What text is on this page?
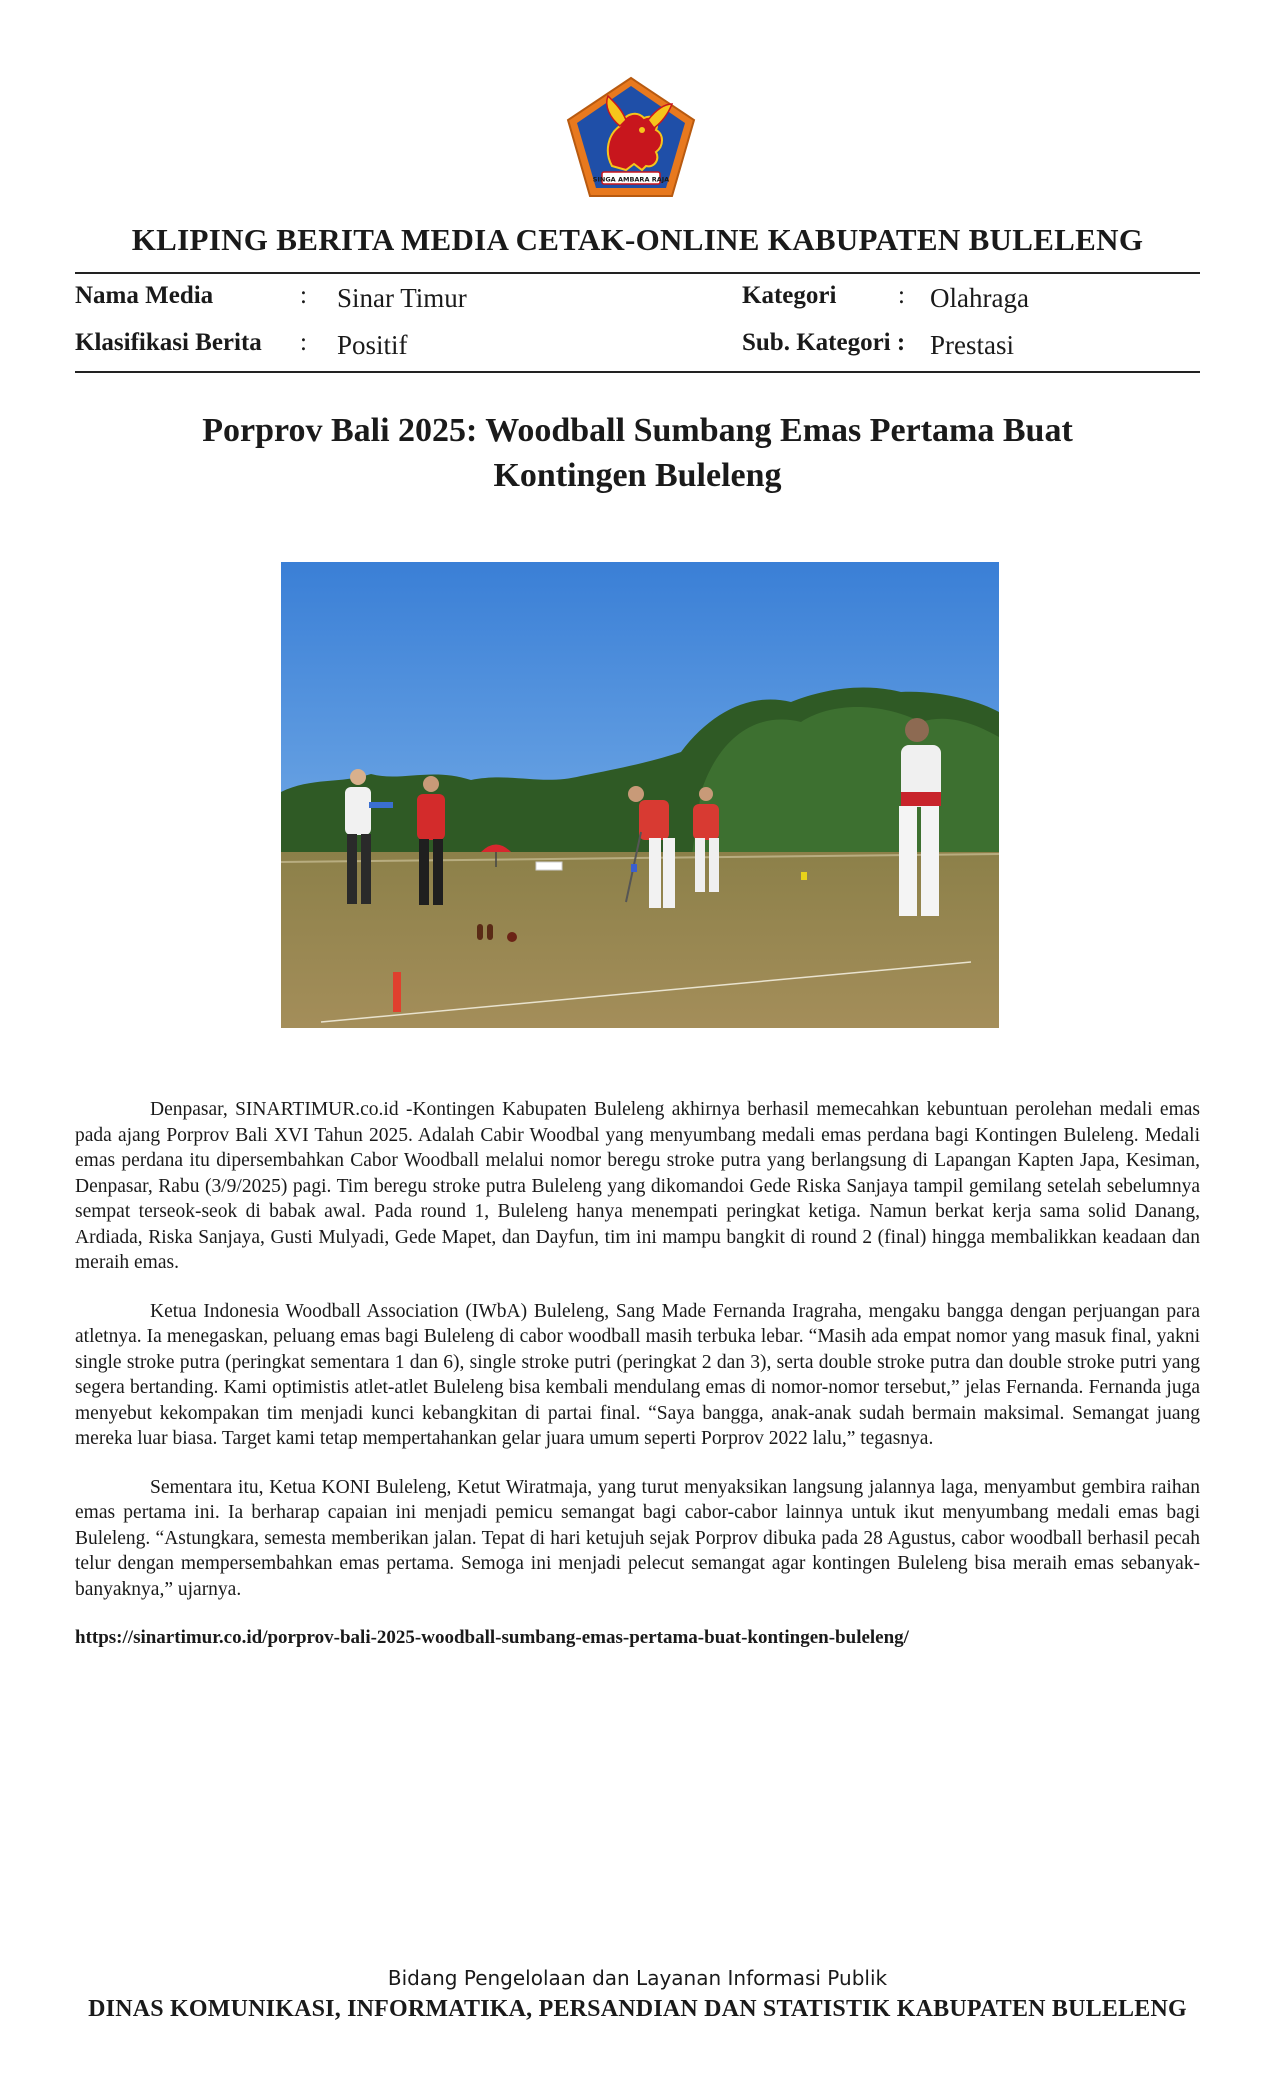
SINGA AMBARA RAJA
KLIPING BERITA MEDIA CETAK-ONLINE KABUPATEN BULELENG
Nama Media	: Sinar Timur	Kategori : Olahraga
Klasifikasi Berita : Positif	Sub. Kategori : Prestasi
Porprov Bali 2025: Woodball Sumbang Emas Pertama Buat
Kontingen Buleleng

Denpasar, SINARTIMUR.co.id -Kontingen Kabupaten Buleleng akhirnya berhasil memecahkan kebuntuan perolehan medali emas pada ajang Porprov Bali XVI Tahun 2025. Adalah Cabir Woodbal yang menyumbang medali emas perdana bagi Kontingen Buleleng. Medali emas perdana itu dipersembahkan Cabor Woodball melalui nomor beregu stroke putra yang berlangsung di Lapangan Kapten Japa, Kesiman, Denpasar, Rabu (3/9/2025) pagi. Tim beregu stroke putra Buleleng yang dikomandoi Gede Riska Sanjaya tampil gemilang setelah sebelumnya sempat terseok-seok di babak awal. Pada round 1, Buleleng hanya menempati peringkat ketiga. Namun berkat kerja sama solid Danang, Ardiada, Riska Sanjaya, Gusti Mulyadi, Gede Mapet, dan Dayfun, tim ini mampu bangkit di round 2 (final) hingga membalikkan keadaan dan meraih emas.

Ketua Indonesia Woodball Association (IWbA) Buleleng, Sang Made Fernanda Iragraha, mengaku bangga dengan perjuangan para atletnya. Ia menegaskan, peluang emas bagi Buleleng di cabor woodball masih terbuka lebar. “Masih ada empat nomor yang masuk final, yakni single stroke putra (peringkat sementara 1 dan 6), single stroke putri (peringkat 2 dan 3), serta double stroke putra dan double stroke putri yang segera bertanding. Kami optimistis atlet-atlet Buleleng bisa kembali mendulang emas di nomor-nomor tersebut,” jelas Fernanda. Fernanda juga menyebut kekompakan tim menjadi kunci kebangkitan di partai final. “Saya bangga, anak-anak sudah bermain maksimal. Semangat juang mereka luar biasa. Target kami tetap mempertahankan gelar juara umum seperti Porprov 2022 lalu,” tegasnya.

Sementara itu, Ketua KONI Buleleng, Ketut Wiratmaja, yang turut menyaksikan langsung jalannya laga, menyambut gembira raihan emas pertama ini. Ia berharap capaian ini menjadi pemicu semangat bagi cabor-cabor lainnya untuk ikut menyumbang medali emas bagi Buleleng. “Astungkara, semesta memberikan jalan. Tepat di hari ketujuh sejak Porprov dibuka pada 28 Agustus, cabor woodball berhasil pecah telur dengan mempersembahkan emas pertama. Semoga ini menjadi pelecut semangat agar kontingen Buleleng bisa meraih emas sebanyak-banyaknya,” ujarnya.

https://sinartimur.co.id/porprov-bali-2025-woodball-sumbang-emas-pertama-buat-kontingen-buleleng/
Bidang Pengelolaan dan Layanan Informasi Publik
DINAS KOMUNIKASI, INFORMATIKA, PERSANDIAN DAN STATISTIK KABUPATEN BULELENG
